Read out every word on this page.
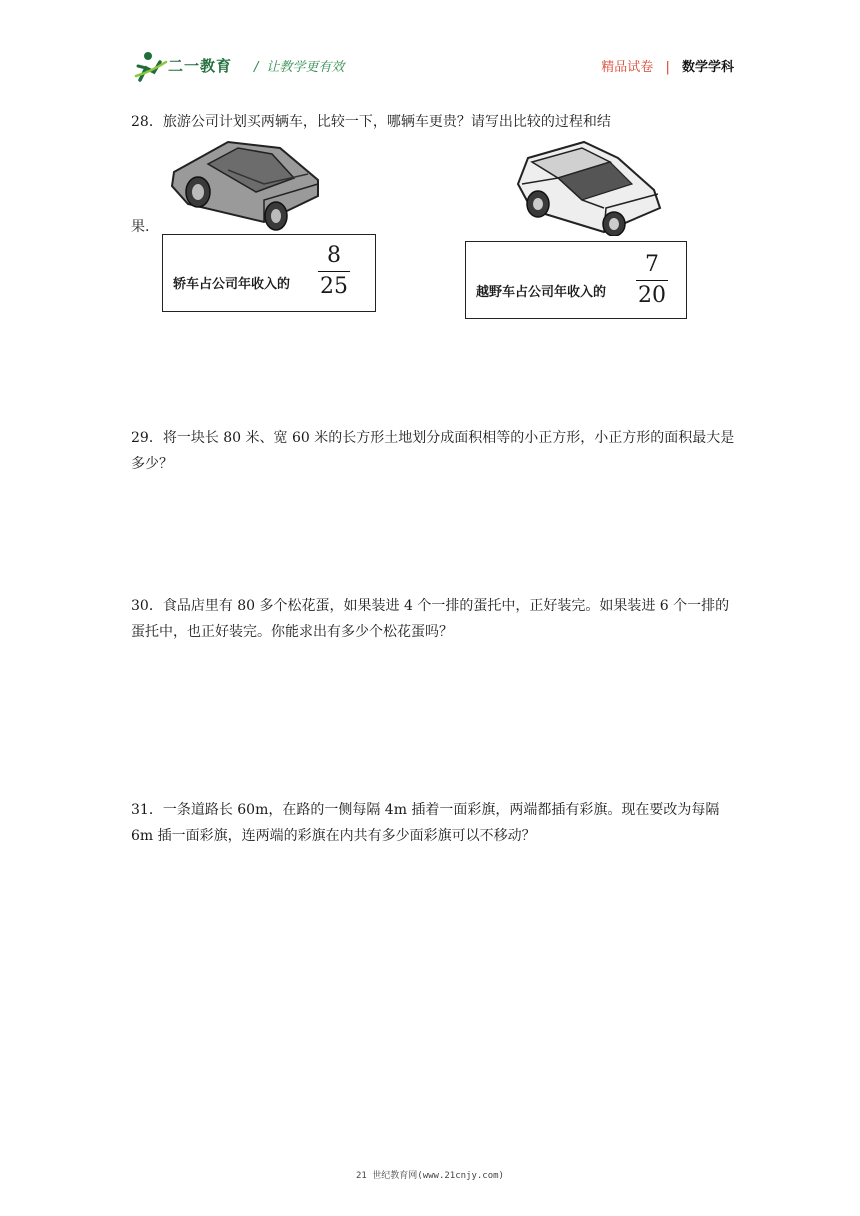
二一教育 / 让教学更有效	精品试卷 | 数学学科
28．旅游公司计划买两辆车，比较一下，哪辆车更贵？请写出比较的过程和结
果.
轿车占公司年收入的
8
25	越野车占公司年收入的
7
20
29．将一块长 80 米、宽 60 米的长方形土地划分成面积相等的小正方形，小正方形的面积最大是多少？
30．食品店里有 80 多个松花蛋，如果装进 4 个一排的蛋托中，正好装完。如果装进 6 个一排的蛋托中，也正好装完。你能求出有多少个松花蛋吗？
31．一条道路长 60m，在路的一侧每隔 4m 插着一面彩旗，两端都插有彩旗。现在要改为每隔 6m 插一面彩旗，连两端的彩旗在内共有多少面彩旗可以不移动？
21 世纪教育网(www.21cnjy.com)
